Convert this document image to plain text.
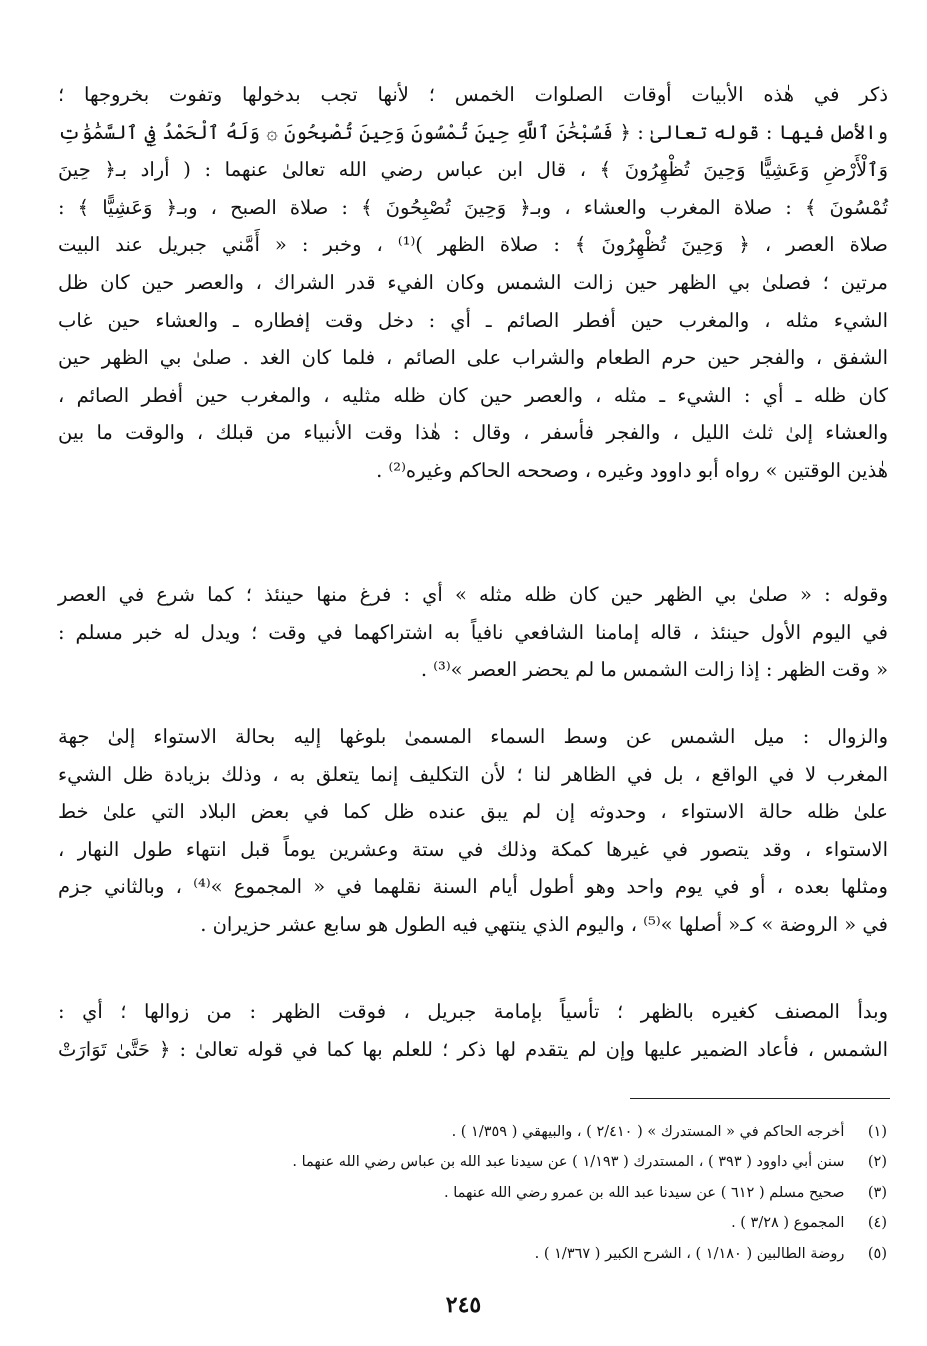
ذكر في هٰذه الأبيات أوقات الصلوات الخمس ؛ لأنها تجب بدخولها وتفوت بخروجها ؛
والأصل فيها : قوله تعالىٰ : ﴿ فَسُبْحَٰنَ ٱللَّهِ حِينَ تُمْسُونَ وَحِينَ تُصْبِحُونَ ۞ وَلَهُ ٱلْحَمْدُ فِي ٱلسَّمَٰوَٰتِ
وَٱلْأَرْضِ وَعَشِيًّا وَحِينَ تُظْهِرُونَ ﴾ ، قال ابن عباس رضي الله تعالىٰ عنهما : ( أراد بـ﴿ حِينَ
تُمْسُونَ ﴾ : صلاة المغرب والعشاء ، وبـ﴿ وَحِينَ تُصْبِحُونَ ﴾ : صلاة الصبح ، وبـ﴿ وَعَشِيًّا ﴾ :
صلاة العصر ، ﴿ وَحِينَ تُظْهِرُونَ ﴾ : صلاة الظهر )⁽¹⁾ ، وخبر : « أَمَّني جبريل عند البيت
مرتين ؛ فصلىٰ بي الظهر حين زالت الشمس وكان الفيء قدر الشراك ، والعصر حين كان ظل
الشيء مثله ، والمغرب حين أفطر الصائم ـ أي : دخل وقت إفطاره ـ والعشاء حين غاب
الشفق ، والفجر حين حرم الطعام والشراب على الصائم ، فلما كان الغد . صلىٰ بي الظهر حين
كان ظله ـ أي : الشيء ـ مثله ، والعصر حين كان ظله مثليه ، والمغرب حين أفطر الصائم ،
والعشاء إلىٰ ثلث الليل ، والفجر فأسفر ، وقال : هٰذا وقت الأنبياء من قبلك ، والوقت ما بين
هٰذين الوقتين » رواه أبو داوود وغيره ، وصححه الحاكم وغيره⁽²⁾ .
وقوله : « صلىٰ بي الظهر حين كان ظله مثله » أي : فرغ منها حينئذ ؛ كما شرع في العصر
في اليوم الأول حينئذ ، قاله إمامنا الشافعي نافياً به اشتراكهما في وقت ؛ ويدل له خبر مسلم :
« وقت الظهر : إذا زالت الشمس ما لم يحضر العصر »⁽³⁾ .
والزوال : ميل الشمس عن وسط السماء المسمىٰ بلوغها إليه بحالة الاستواء إلىٰ جهة
المغرب لا في الواقع ، بل في الظاهر لنا ؛ لأن التكليف إنما يتعلق به ، وذلك بزيادة ظل الشيء
علىٰ ظله حالة الاستواء ، وحدوثه إن لم يبق عنده ظل كما في بعض البلاد التي علىٰ خط
الاستواء ، وقد يتصور في غيرها كمكة وذلك في ستة وعشرين يوماً قبل انتهاء طول النهار ،
ومثلها بعده ، أو في يوم واحد وهو أطول أيام السنة نقلهما في « المجموع »⁽⁴⁾ ، وبالثاني جزم
في « الروضة » كـ« أصلها »⁽⁵⁾ ، واليوم الذي ينتهي فيه الطول هو سابع عشر حزيران .
وبدأ المصنف كغيره بالظهر ؛ تأسياً بإمامة جبريل ، فوقت الظهر : من زوالها ؛ أي :
الشمس ، فأعاد الضمير عليها وإن لم يتقدم لها ذكر ؛ للعلم بها كما في قوله تعالىٰ : ﴿ حَتَّىٰ تَوَارَتْ
(١) أخرجه الحاكم في « المستدرك » ( ٢/٤١٠ ) ، والبيهقي ( ١/٣٥٩ ) .
(٢) سنن أبي داوود ( ٣٩٣ ) ، المستدرك ( ١/١٩٣ ) عن سيدنا عبد الله بن عباس رضي الله عنهما .
(٣) صحيح مسلم ( ٦١٢ ) عن سيدنا عبد الله بن عمرو رضي الله عنهما .
(٤) المجموع ( ٣/٢٨ ) .
(٥) روضة الطالبين ( ١/١٨٠ ) ، الشرح الكبير ( ١/٣٦٧ ) .
٢٤٥
